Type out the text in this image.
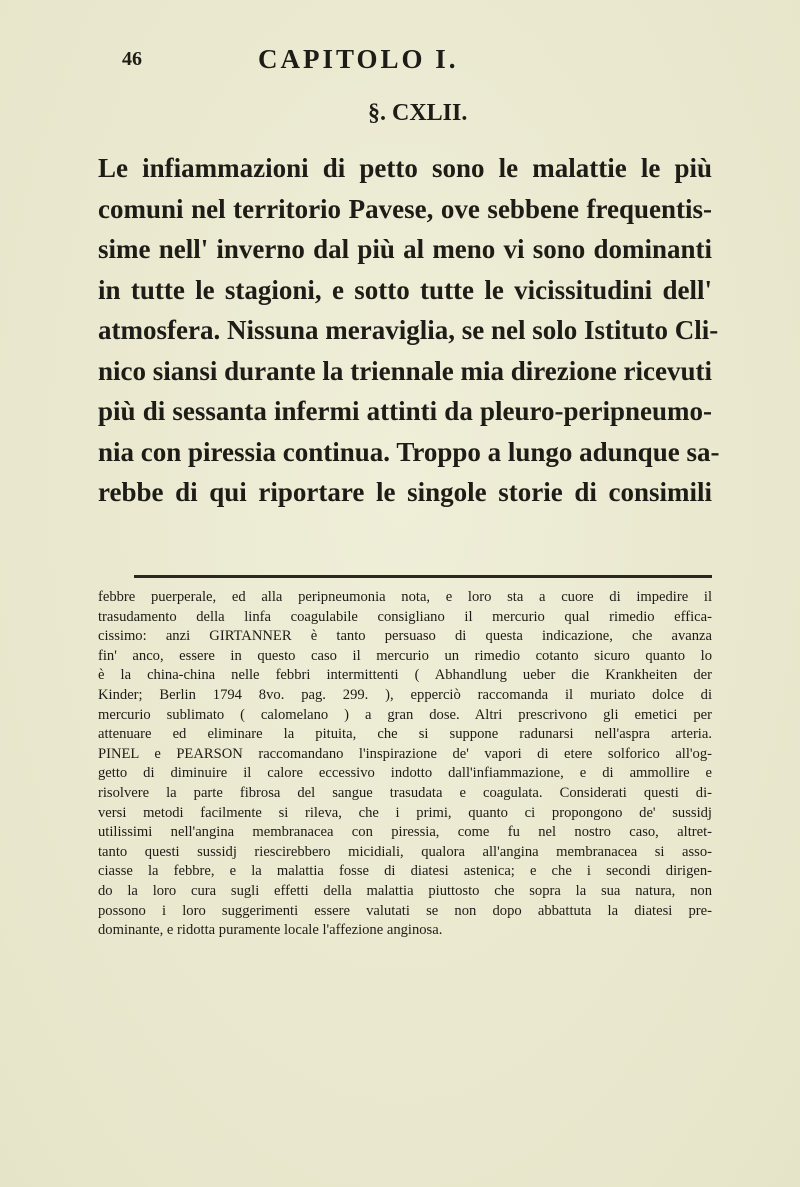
46	CAPITOLO I.
§. CXLII.
Le infiammazioni di petto sono le malattie le più
comuni nel territorio Pavese, ove sebbene frequentis-
sime nell' inverno dal più al meno vi sono dominanti
in tutte le stagioni, e sotto tutte le vicissitudini dell'
atmosfera. Nissuna meraviglia, se nel solo Istituto Cli-
nico siansi durante la triennale mia direzione ricevuti
più di sessanta infermi attinti da pleuro-peripneumo-
nia con piressia continua. Troppo a lungo adunque sa-
rebbe di qui riportare le singole storie di consimili
febbre puerperale, ed alla peripneumonia nota, e loro sta a cuore di impedire il
trasudamento della linfa coagulabile consigliano il mercurio qual rimedio effica-
cissimo: anzi GIRTANNER è tanto persuaso di questa indicazione, che avanza
fin' anco, essere in questo caso il mercurio un rimedio cotanto sicuro quanto lo
è la china-china nelle febbri intermittenti ( Abhandlung ueber die Krankheiten der
Kinder; Berlin 1794 8vo. pag. 299. ), epperciò raccomanda il muriato dolce di
mercurio sublimato ( calomelano ) a gran dose. Altri prescrivono gli emetici per
attenuare ed eliminare la pituita, che si suppone radunarsi nell'aspra arteria.
PINEL e PEARSON raccomandano l'inspirazione de' vapori di etere solforico all'og-
getto di diminuire il calore eccessivo indotto dall'infiammazione, e di ammollire e
risolvere la parte fibrosa del sangue trasudata e coagulata. Considerati questi di-
versi metodi facilmente si rileva, che i primi, quanto ci propongono de' sussidj
utilissimi nell'angina membranacea con piressia, come fu nel nostro caso, altret-
tanto questi sussidj riescirebbero micidiali, qualora all'angina membranacea si asso-
ciasse la febbre, e la malattia fosse di diatesi astenica; e che i secondi dirigen-
do la loro cura sugli effetti della malattia piuttosto che sopra la sua natura, non
possono i loro suggerimenti essere valutati se non dopo abbattuta la diatesi pre-
dominante, e ridotta puramente locale l'affezione anginosa.
